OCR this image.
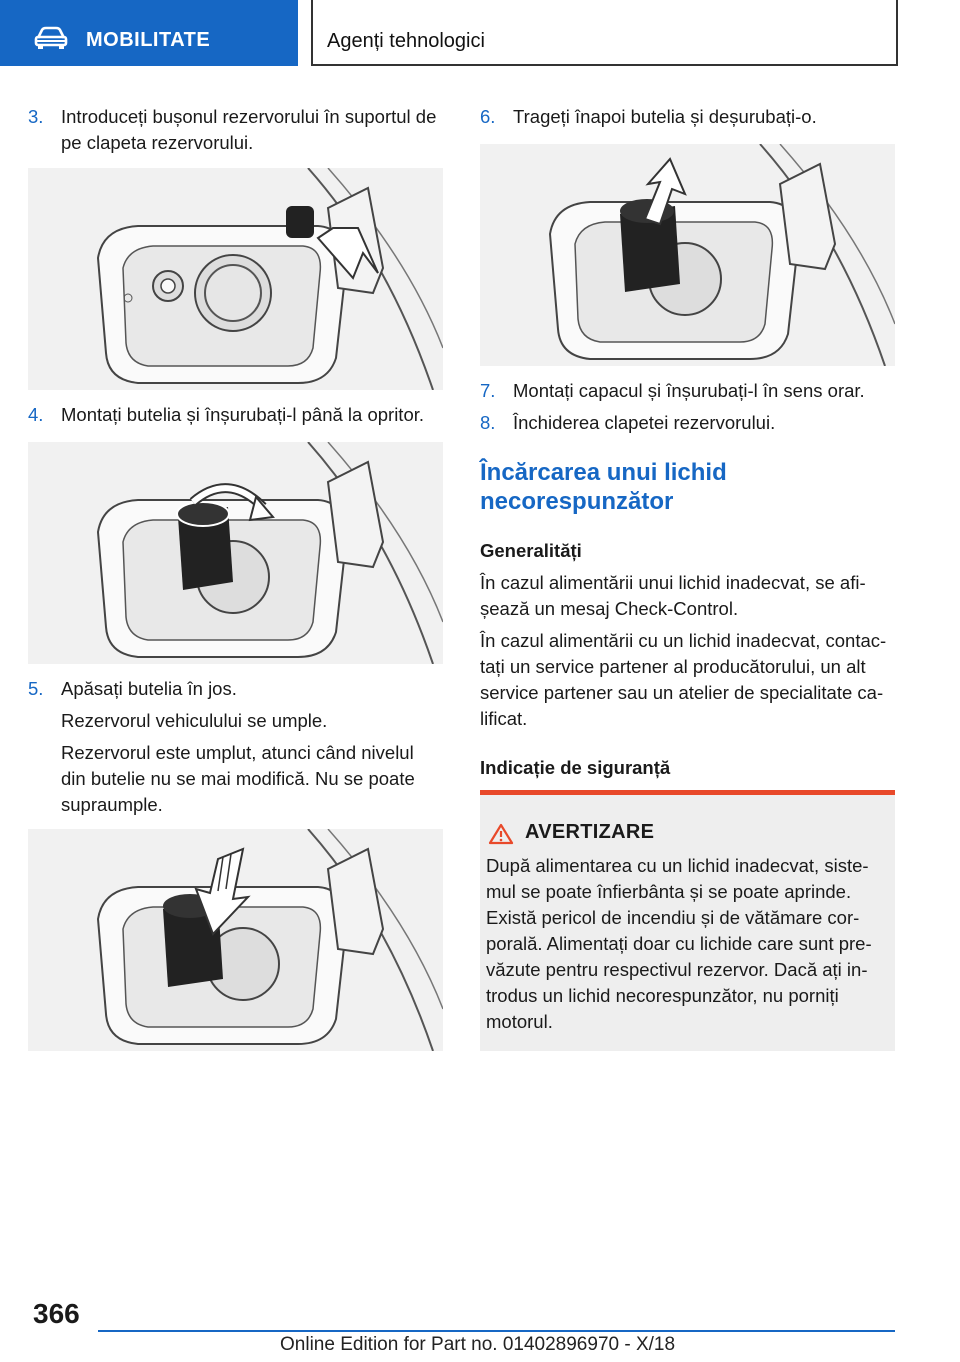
MOBILITATE	Agenți tehnologici
3. Introduceți bușonul rezervorului în suportul de pe clapeta rezervorului.
4. Montați butelia și înșurubați-l până la opritor.
5. Apăsați butelia în jos.
Rezervorul vehiculului se umple.
Rezervorul este umplut, atunci când nivelul din butelie nu se mai modifică. Nu se poate supraumple.
6. Trageți înapoi butelia și deșurubați-o.
7. Montați capacul și înșurubați-l în sens orar.
8. Închiderea clapetei rezervorului.
Încărcarea unui lichid necorespunzător
Generalități
În cazul alimentării unui lichid inadecvat, se afișează un mesaj Check-Control.
În cazul alimentării cu un lichid inadecvat, contactați un service partener al producătorului, un alt service partener sau un atelier de specialitate calificat.
Indicație de siguranță
AVERTIZARE
După alimentarea cu un lichid inadecvat, sistemul se poate înfierbânta și se poate aprinde. Există pericol de incendiu și de vătămare corporală. Alimentați doar cu lichide care sunt prevăzute pentru respectivul rezervor. Dacă ați introdus un lichid necorespunzător, nu porniți motorul.
366
Online Edition for Part no. 01402896970 - X/18
